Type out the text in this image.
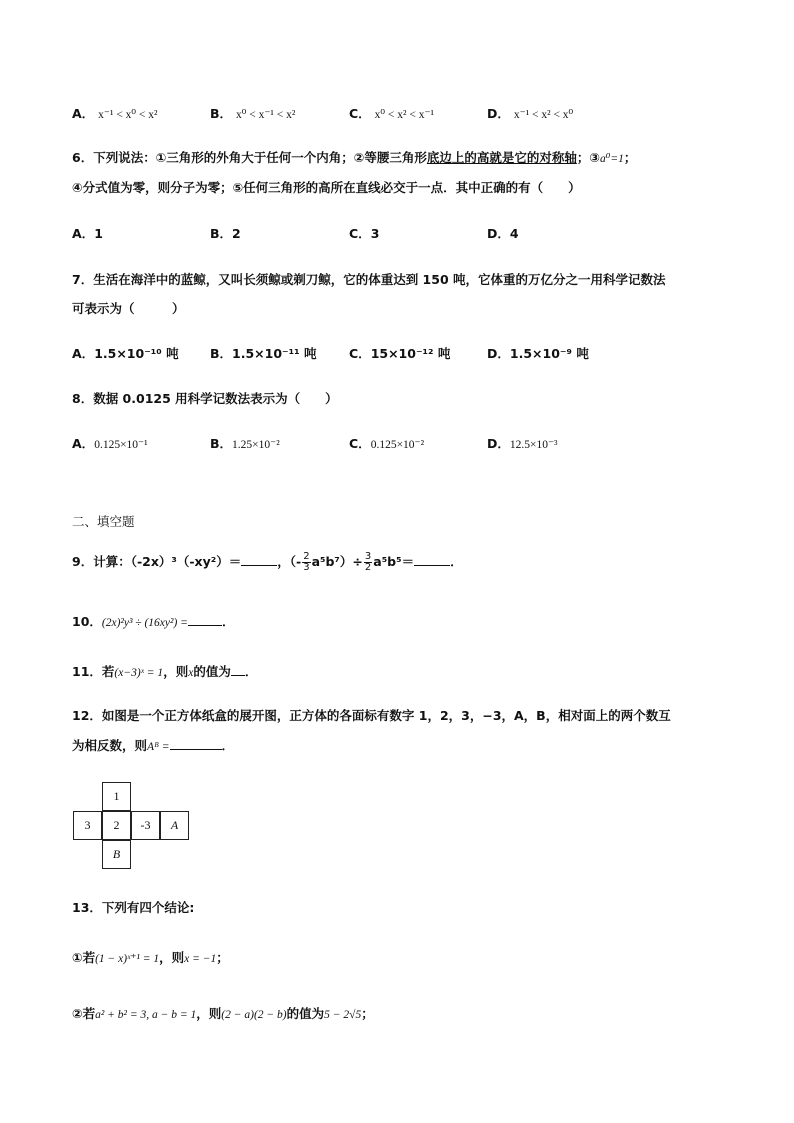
A． x⁻¹ < x⁰ < x²	B． x⁰ < x⁻¹ < x²	C． x⁰ < x² < x⁻¹	D． x⁻¹ < x² < x⁰
6．下列说法：①三角形的外角大于任何一个内角；②等腰三角形底边上的高就是它的对称轴；③a⁰=1；
④分式值为零，则分子为零；⑤任何三角形的高所在直线必交于一点．其中正确的有（　　）
A．1	B．2	C．3	D．4
7．生活在海洋中的蓝鲸，又叫长须鲸或剃刀鲸，它的体重达到 150 吨，它体重的万亿分之一用科学记数法
可表示为（　　　）
A．1.5×10⁻¹⁰ 吨	B．1.5×10⁻¹¹ 吨	C．15×10⁻¹² 吨	D．1.5×10⁻⁹ 吨
8．数据 0.0125 用科学记数法表示为（　　）
A．0.125×10⁻¹	B．1.25×10⁻²	C．0.125×10⁻²	D．12.5×10⁻³
二、填空题
9．计算：（-2x）³（-xy²）＝	，（- $\frac{2}{3} a^5b^7)\div \frac{3}{2} a^5b^5=$	．
10．(2x)²y³ ÷ (16xy²) =	．
11．若(x−3)ˣ = 1，则x的值为 ．
12．如图是一个正方体纸盒的展开图，正方体的各面标有数字 1，2，3，−3，A，B，相对面上的两个数互
为相反数，则Aᴮ =	．
1
3	2	-3	A
B
13．下列有四个结论:
①若(1 − x)ˣ⁺¹ = 1，则x = −1；
②若a² + b² = 3, a − b = 1，则(2 − a)(2 − b)的值为5 − 2√5；
